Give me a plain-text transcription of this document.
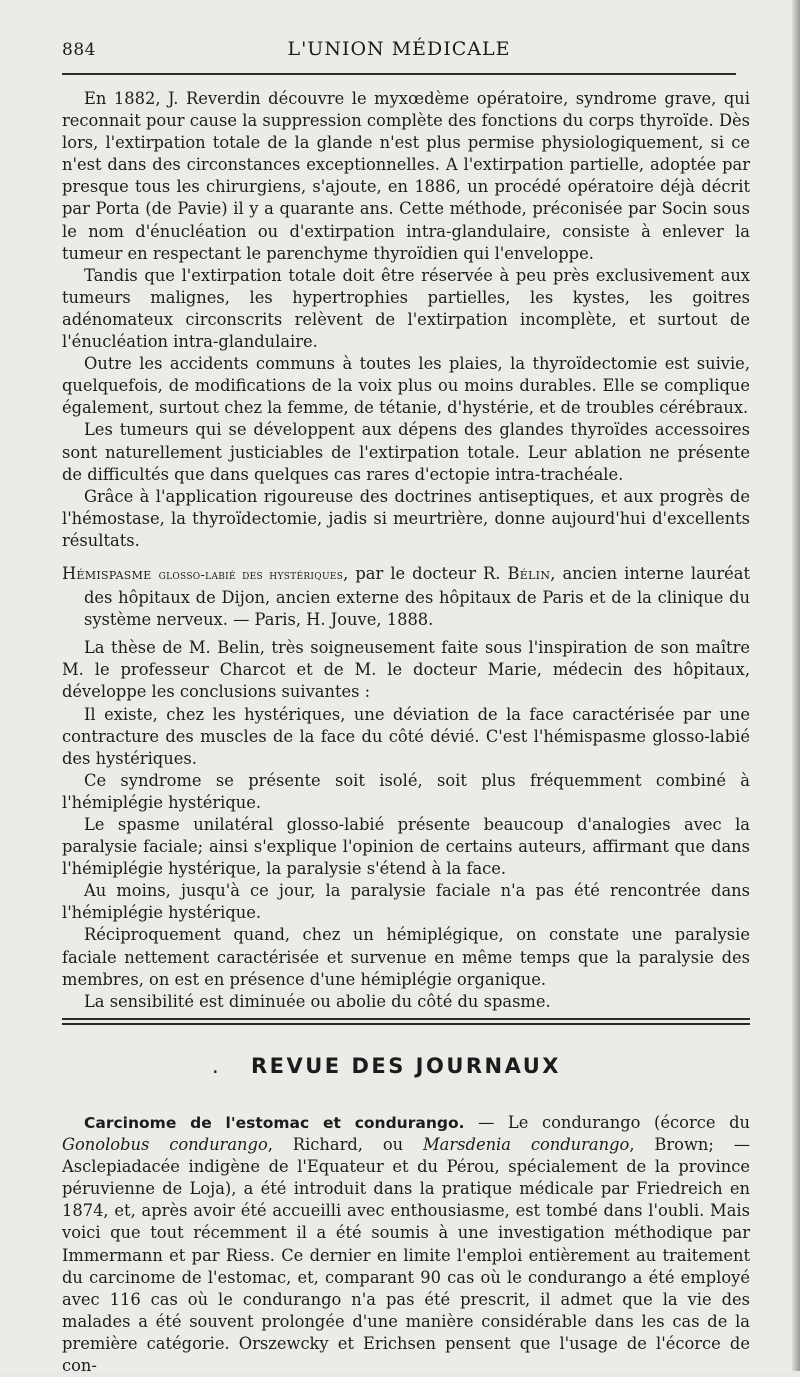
884	L'UNION MÉDICALE

En 1882, J. Reverdin découvre le myxœdème opératoire, syndrome grave, qui reconnait pour cause la suppression complète des fonctions du corps thyroïde. Dès lors, l'extirpation totale de la glande n'est plus permise physiologiquement, si ce n'est dans des circonstances exceptionnelles. A l'extirpation partielle, adoptée par presque tous les chirurgiens, s'ajoute, en 1886, un procédé opératoire déjà décrit par Porta (de Pavie) il y a quarante ans. Cette méthode, préconisée par Socin sous le nom d'énucléation ou d'extirpation intra-glandulaire, consiste à enlever la tumeur en respectant le parenchyme thyroïdien qui l'enveloppe.

Tandis que l'extirpation totale doit être réservée à peu près exclusivement aux tumeurs malignes, les hypertrophies partielles, les kystes, les goitres adénomateux circonscrits relèvent de l'extirpation incomplète, et surtout de l'énucléation intra-glandulaire.

Outre les accidents communs à toutes les plaies, la thyroïdectomie est suivie, quelquefois, de modifications de la voix plus ou moins durables. Elle se complique également, surtout chez la femme, de tétanie, d'hystérie, et de troubles cérébraux.

Les tumeurs qui se développent aux dépens des glandes thyroïdes accessoires sont naturellement justiciables de l'extirpation totale. Leur ablation ne présente de difficultés que dans quelques cas rares d'ectopie intra-trachéale.

Grâce à l'application rigoureuse des doctrines antiseptiques, et aux progrès de l'hémostase, la thyroïdectomie, jadis si meurtrière, donne aujourd'hui d'excellents résultats.

Hémispasme glosso-labié des hystériques, par le docteur R. Bélin, ancien interne lauréat des hôpitaux de Dijon, ancien externe des hôpitaux de Paris et de la clinique du système nerveux. — Paris, H. Jouve, 1888.

La thèse de M. Belin, très soigneusement faite sous l'inspiration de son maître M. le professeur Charcot et de M. le docteur Marie, médecin des hôpitaux, développe les conclusions suivantes :

Il existe, chez les hystériques, une déviation de la face caractérisée par une contracture des muscles de la face du côté dévié. C'est l'hémispasme glosso-labié des hystériques.

Ce syndrome se présente soit isolé, soit plus fréquemment combiné à l'hémiplégie hystérique.

Le spasme unilatéral glosso-labié présente beaucoup d'analogies avec la paralysie faciale; ainsi s'explique l'opinion de certains auteurs, affirmant que dans l'hémiplégie hystérique, la paralysie s'étend à la face.

Au moins, jusqu'à ce jour, la paralysie faciale n'a pas été rencontrée dans l'hémiplégie hystérique.

Réciproquement quand, chez un hémiplégique, on constate une paralysie faciale nettement caractérisée et survenue en même temps que la paralysie des membres, on est en présence d'une hémiplégie organique.

La sensibilité est diminuée ou abolie du côté du spasme.

. REVUE DES JOURNAUX

Carcinome de l'estomac et condurango. — Le condurango (écorce du Gonolobus condurango, Richard, ou Marsdenia condurango, Brown; — Asclepiadacée indigène de l'Equateur et du Pérou, spécialement de la province péruvienne de Loja), a été introduit dans la pratique médicale par Friedreich en 1874, et, après avoir été accueilli avec enthousiasme, est tombé dans l'oubli. Mais voici que tout récemment il a été soumis à une investigation méthodique par Immermann et par Riess. Ce dernier en limite l'emploi entièrement au traitement du carcinome de l'estomac, et, comparant 90 cas où le condurango a été employé avec 116 cas où le condurango n'a pas été prescrit, il admet que la vie des malades a été souvent prolongée d'une manière considérable dans les cas de la première catégorie. Orszewcky et Erichsen pensent que l'usage de l'écorce de con-
